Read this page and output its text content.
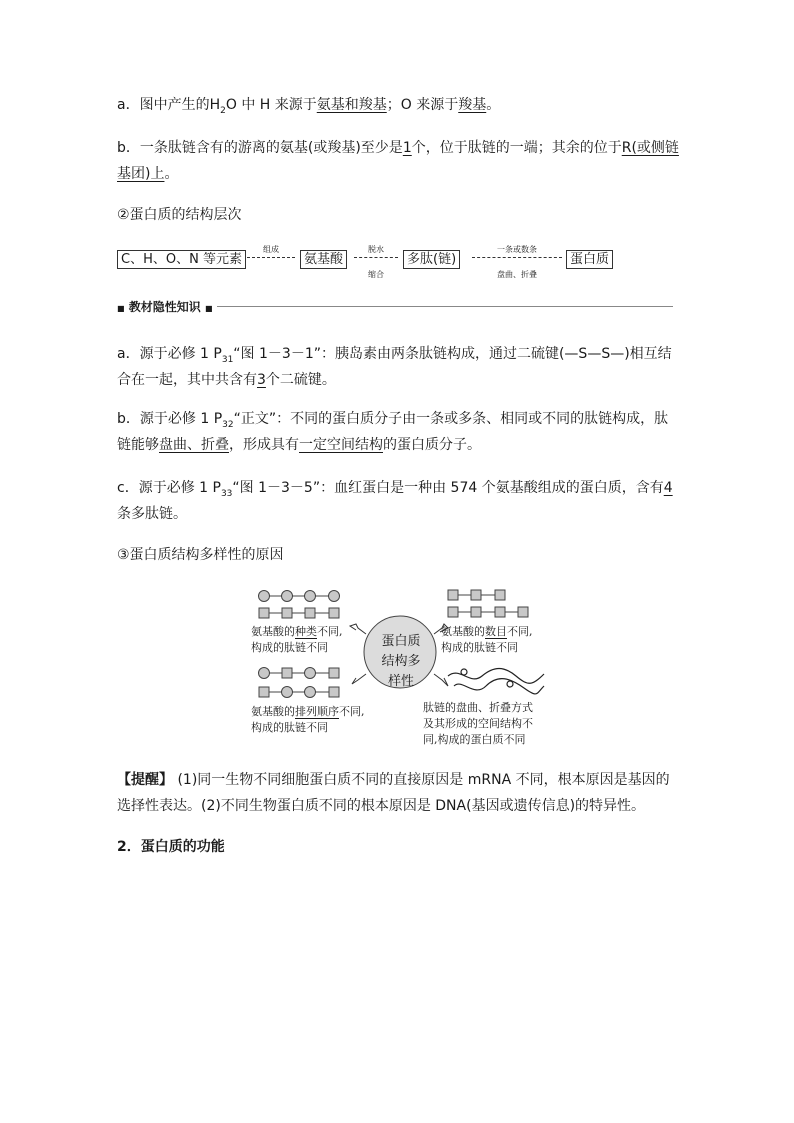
a．图中产生的$H_2O$ 中 H 来源于氨基和羧基；O 来源于羧基。
b．一条肽链含有的游离的氨基(或羧基)至少是1个，位于肽链的一端；其余的位于R(或侧链
基团)上。
②蛋白质的结构层次
C、H、O、N 等元素
组成

氨基酸
脱水

缩合
多肽(链)
一条或数条

盘曲、折叠
蛋白质
■ 教材隐性知识 ■
a．源于必修 1 $P_{31}“$图 1－3－1”：胰岛素由两条肽链构成，通过二硫键(—S—S—)相互结合在一起，其中共含有3个二硫键。
b．源于必修 1 $P_{32}“$正文”：不同的蛋白质分子由一条或多条、相同或不同的肽链构成，肽链能够盘曲、折叠，形成具有一定空间结构的蛋白质分子。
c．源于必修 1 $P_{33}“$图 1－3－5”：血红蛋白是一种由 574 个氨基酸组成的蛋白质，含有4条多肽链。
③蛋白质结构多样性的原因
蛋白质
结构多
样性
氨基酸的种类不同,
构成的肽链不同
氨基酸的数目不同,
构成的肽链不同
氨基酸的排列顺序不同,
构成的肽链不同
肽链的盘曲、折叠方式
及其形成的空间结构不
同,构成的蛋白质不同
【提醒】 (1)同一生物不同细胞蛋白质不同的直接原因是 mRNA 不同，根本原因是基因的选择性表达。(2)不同生物蛋白质不同的根本原因是 DNA(基因或遗传信息)的特异性。
2．蛋白质的功能
